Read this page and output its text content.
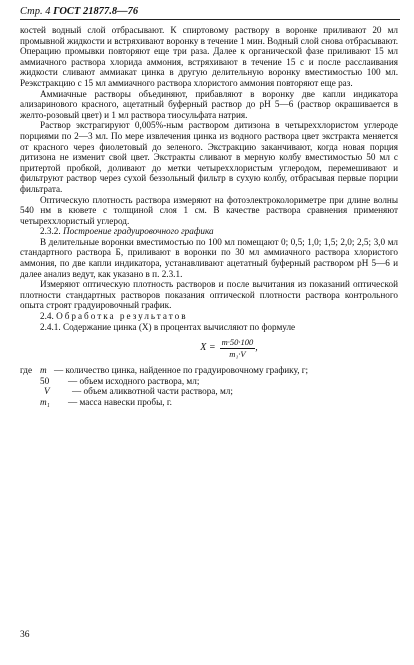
Стр. 4 ГОСТ 21877.8—76

костей водный слой отбрасывают. К спиртовому раствору в воронке приливают 20 мл промывной жидкости и встряхивают воронку в течение 1 мин. Водный слой снова отбрасывают. Операцию промывки повторяют еще три раза. Далее к органической фазе приливают 15 мл аммиачного раствора хлорида аммония, встряхивают в течение 15 с и после расслаивания жидкости сливают аммиакат цинка в другую делительную воронку вместимостью 100 мл. Реэкстракцию с 15 мл аммиачного раствора хлористого аммония повторяют еще раз.

Аммиачные растворы объединяют, прибавляют в воронку две капли индикатора ализаринового красного, ацетатный буферный раствор до pH 5—6 (раствор окрашивается в желто-розовый цвет) и 1 мл раствора тиосульфата натрия.

Раствор экстрагируют 0,005%-ным раствором дитизона в четыреххлористом углероде порциями по 2—3 мл. По мере извлечения цинка из водного раствора цвет экстракта меняется от красного через фиолетовый до зеленого. Экстракцию заканчивают, когда новая порция дитизона не изменит свой цвет. Экстракты сливают в мерную колбу вместимостью 50 мл с притертой пробкой, доливают до метки четыреххлористым углеродом, перемешивают и фильтруют раствор через сухой беззольный фильтр в сухую колбу, отбрасывая первые порции фильтрата.

Оптическую плотность раствора измеряют на фотоэлектроколориметре при длине волны 540 нм в кювете с толщиной слоя 1 см. В качестве раствора сравнения применяют четыреххлористый углерод.

2.3.2. Построение градуировочного графика

В делительные воронки вместимостью по 100 мл помещают 0; 0,5; 1,0; 1,5; 2,0; 2,5; 3,0 мл стандартного раствора Б, приливают в воронки по 30 мл аммиачного раствора хлористого аммония, по две капли индикатора, устанавливают ацетатный буферный раствором pH 5—6 и далее анализ ведут, как указано в п. 2.3.1.

Измеряют оптическую плотность растворов и после вычитания из показаний оптической плотности стандартных растворов показания оптической плотности раствора контрольного опыта строят градуировочный график.

2.4. Обработка результатов

2.4.1. Содержание цинка (X) в процентах вычисляют по формуле

$X = \frac{m\cdot 50\cdot 100}{\text{m₁·V}}$ ,
где m — количество цинка, найденное по градуировочному графику, г;
50	— объем исходного раствора, мл;
V	— объем аликвотной части раствора, мл;
m₁	— масса навески пробы, г.
36
